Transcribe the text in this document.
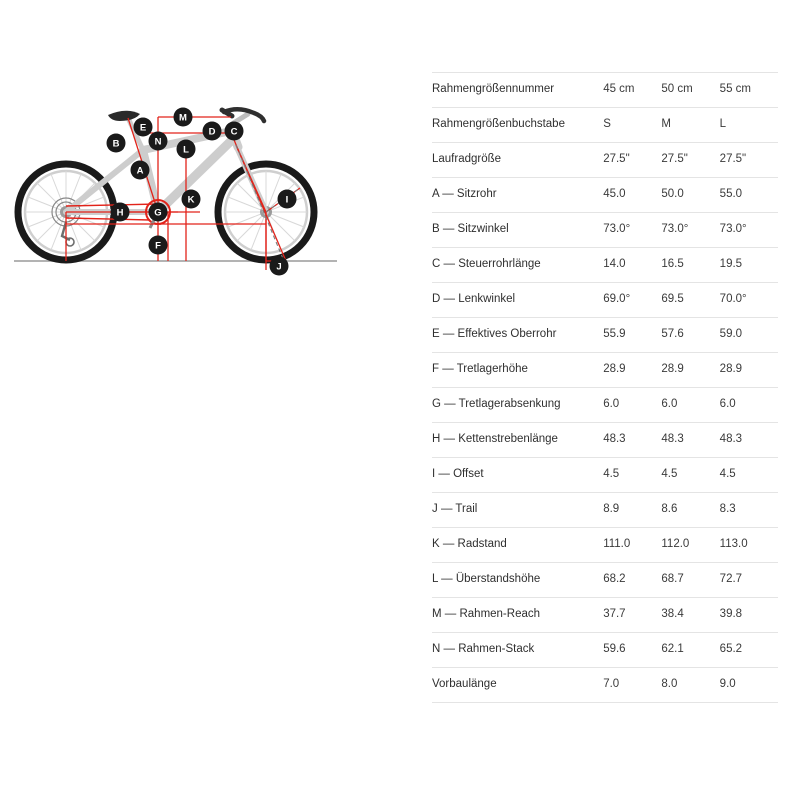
M
E
B	N
D C
A
L
H	G
K	I
F
J
Rahmengrößennummer	45 cm	50 cm	55 cm
Rahmengrößenbuchstabe	S	M	L
Laufradgröße	27.5"	27.5"	27.5"
A — Sitzrohr	45.0	50.0	55.0
B — Sitzwinkel	73.0°	73.0°	73.0°
C — Steuerrohrlänge	14.0	16.5	19.5
D — Lenkwinkel	69.0°	69.5	70.0°
E — Effektives Oberrohr	55.9	57.6	59.0
F — Tretlagerhöhe	28.9	28.9	28.9
G — Tretlagerabsenkung	6.0	6.0	6.0
H — Kettenstrebenlänge	48.3	48.3	48.3
I — Offset	4.5	4.5	4.5
J — Trail	8.9	8.6	8.3
K — Radstand	111.0	112.0	113.0
L — Überstandshöhe	68.2	68.7	72.7
M — Rahmen-Reach	37.7	38.4	39.8
N — Rahmen-Stack	59.6	62.1	65.2
Vorbaulänge	7.0	8.0	9.0
